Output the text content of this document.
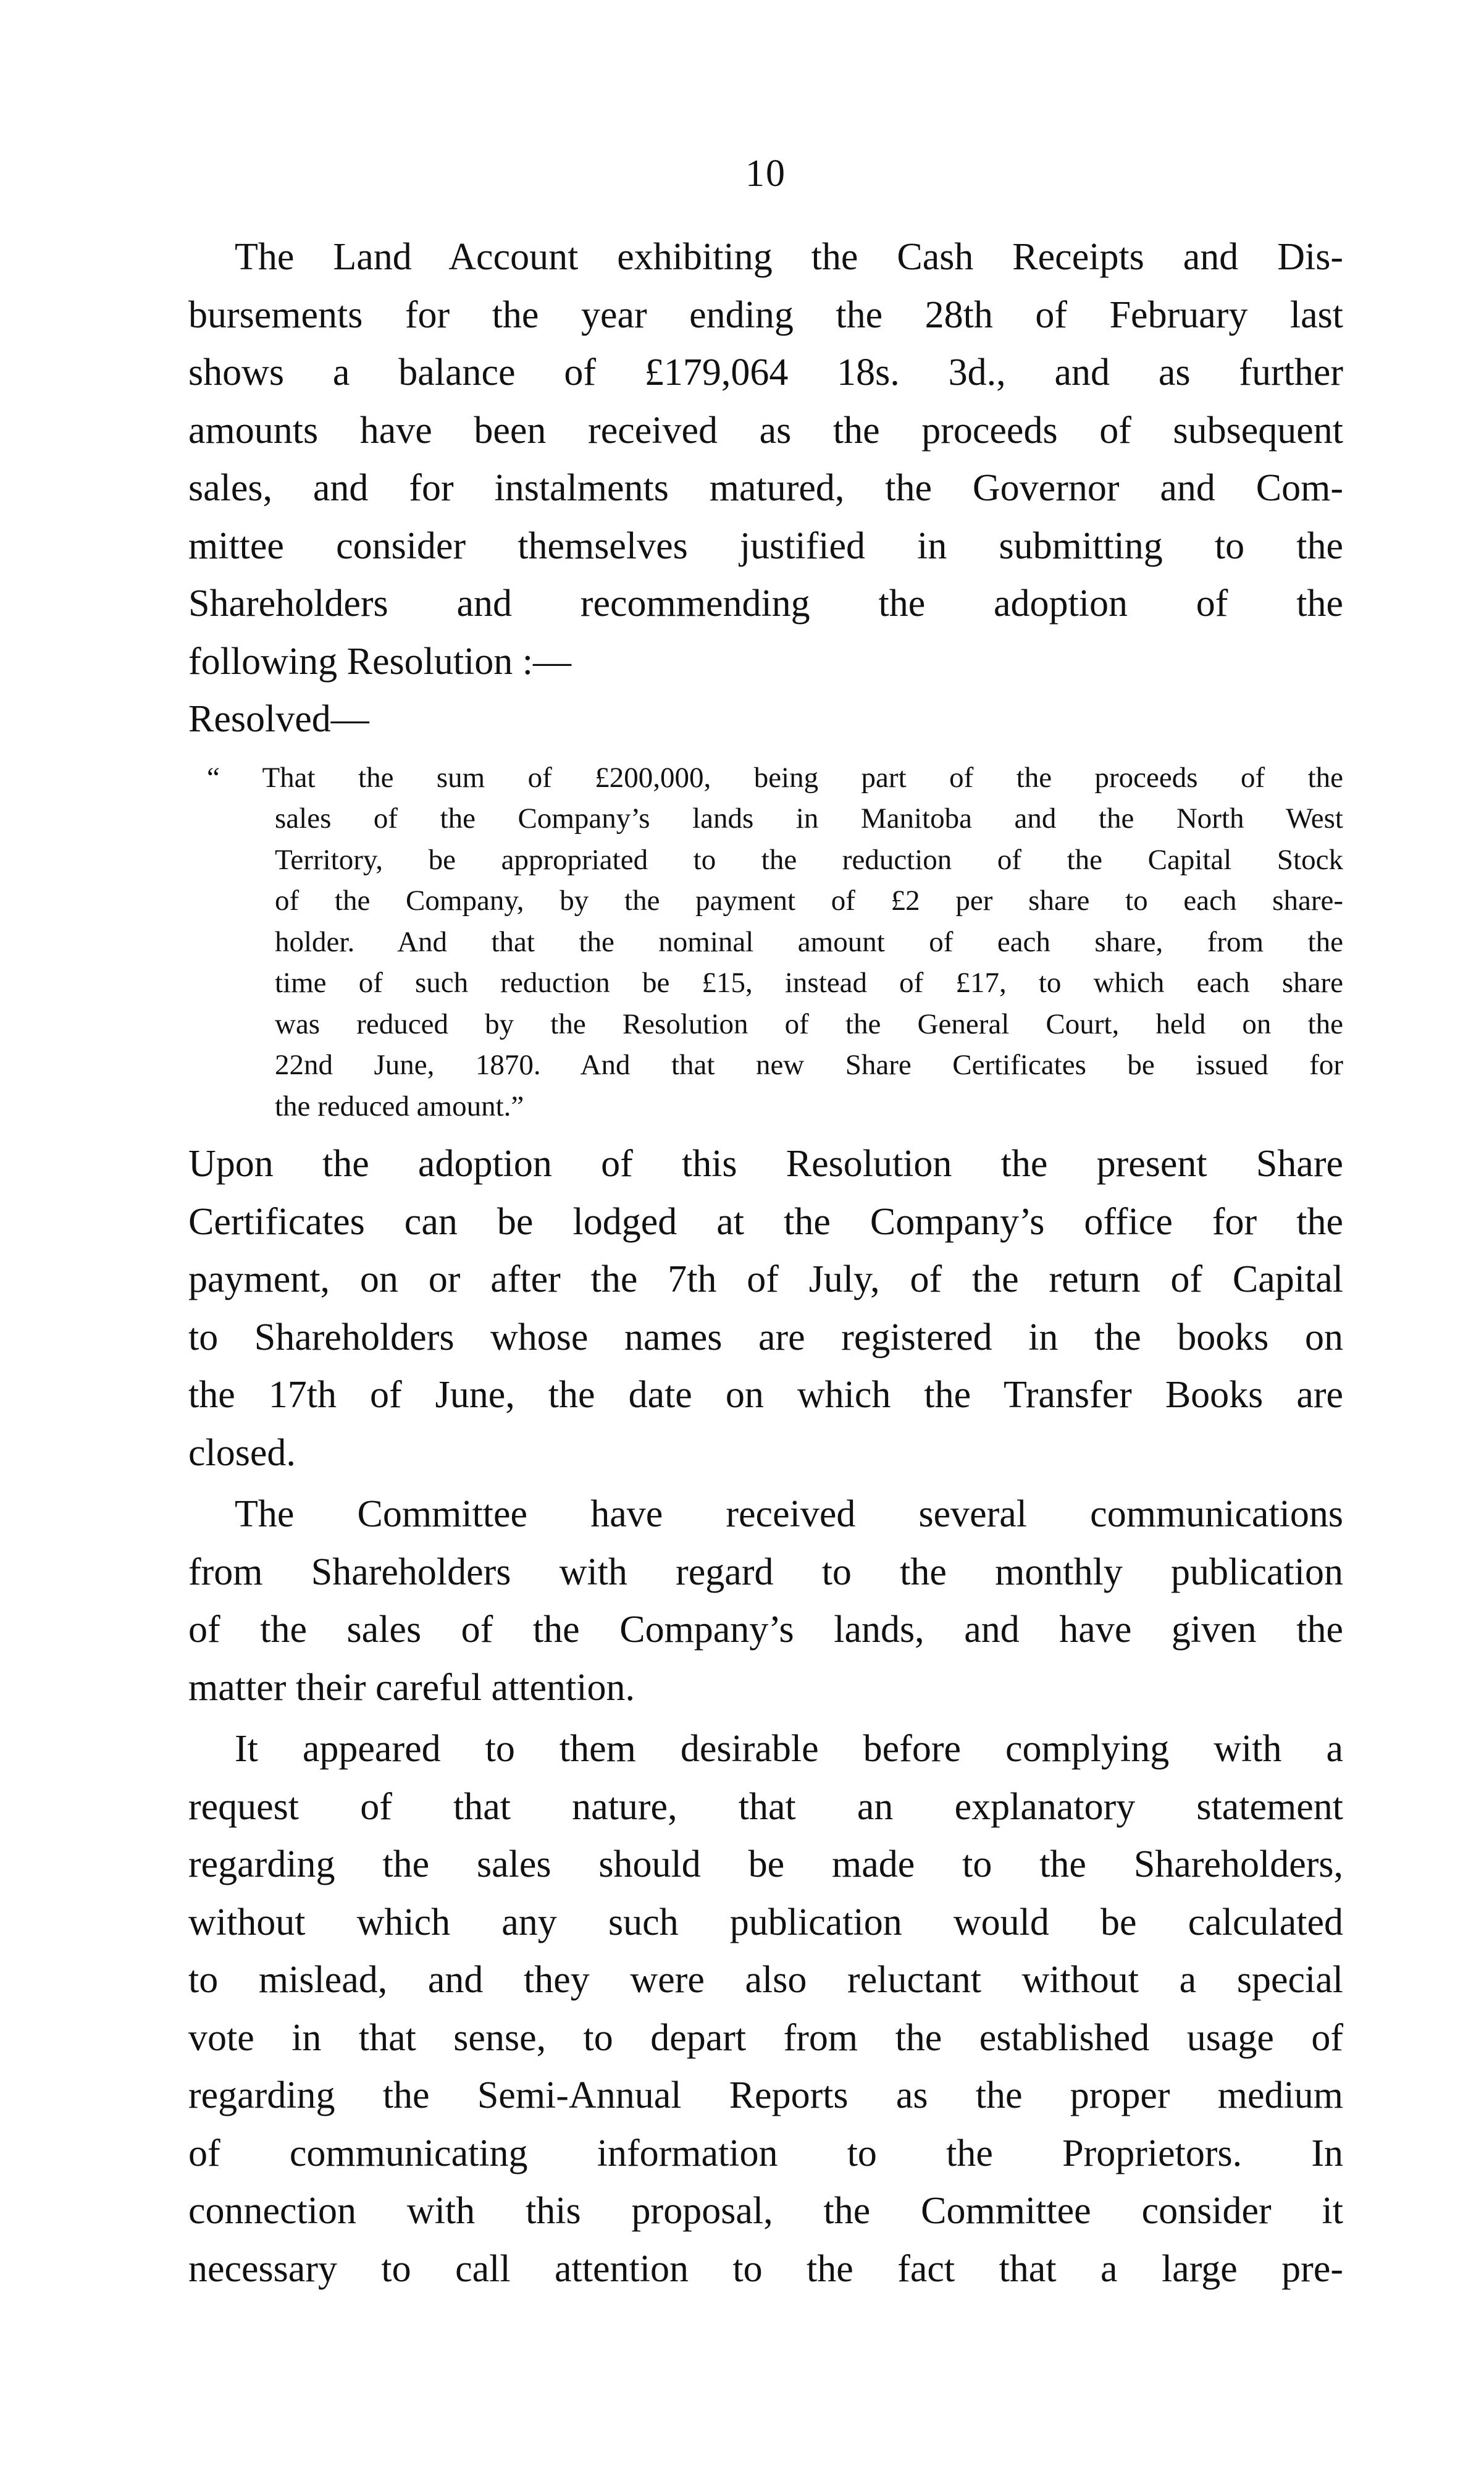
10

The Land Account exhibiting the Cash Receipts and Dis-
bursements for the year ending the 28th of February last
shows a balance of £179,064 18s. 3d., and as further
amounts have been received as the proceeds of subsequent
sales, and for instalments matured, the Governor and Com-
mittee consider themselves justified in submitting to the
Shareholders and recommending the adoption of the
following Resolution :—

Resolved—

“ That the sum of £200,000, being part of the proceeds of the
sales of the Company’s lands in Manitoba and the North West
Territory, be appropriated to the reduction of the Capital Stock
of the Company, by the payment of £2 per share to each share-
holder. And that the nominal amount of each share, from the
time of such reduction be £15, instead of £17, to which each share
was reduced by the Resolution of the General Court, held on the
22nd June, 1870. And that new Share Certificates be issued for
the reduced amount.”

Upon the adoption of this Resolution the present Share
Certificates can be lodged at the Company’s office for the
payment, on or after the 7th of July, of the return of Capital
to Shareholders whose names are registered in the books on
the 17th of June, the date on which the Transfer Books are
closed.

The Committee have received several communications
from Shareholders with regard to the monthly publication
of the sales of the Company’s lands, and have given the
matter their careful attention.

It appeared to them desirable before complying with a
request of that nature, that an explanatory statement
regarding the sales should be made to the Shareholders,
without which any such publication would be calculated
to mislead, and they were also reluctant without a special
vote in that sense, to depart from the established usage of
regarding the Semi-Annual Reports as the proper medium
of communicating information to the Proprietors. In
connection with this proposal, the Committee consider it
necessary to call attention to the fact that a large pre-
